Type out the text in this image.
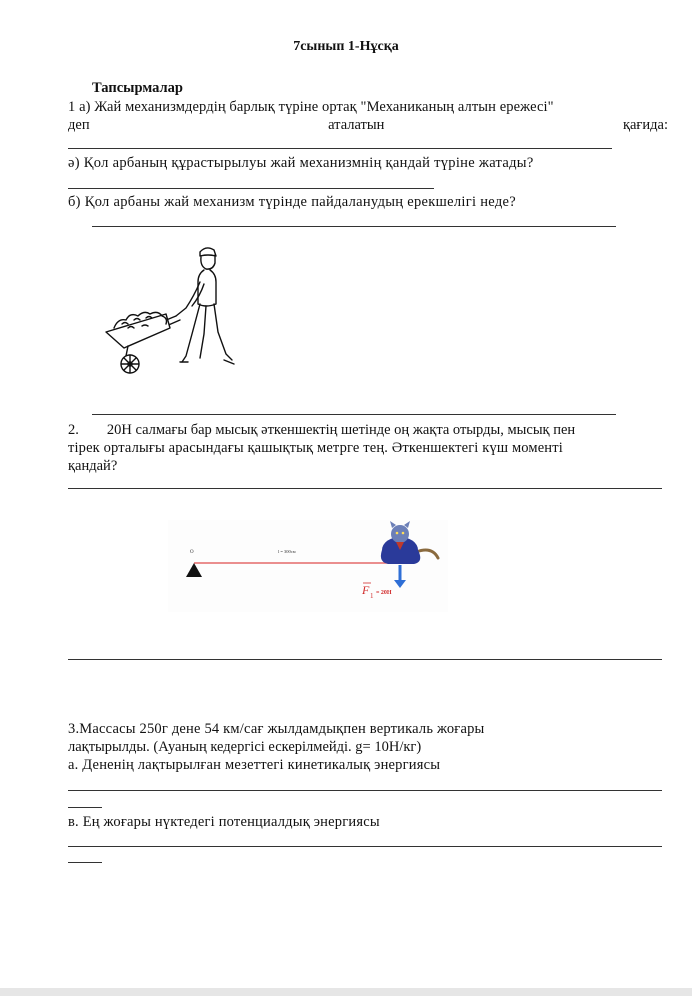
7сынып 1-Нұсқа
Тапсырмалар
1 а) Жай механизмдердің барлық түріне ортақ "Механиканың алтын ережесі"
деп	аталатын	қағида:
ә) Қол арбаның құрастырылуы жай механизмнің қандай түріне жатады?
б) Қол арбаны жай механизм түрінде пайдаланудың ерекшелігі неде?
2. 20Н салмағы бар мысық әткеншектің шетінде оң жақта отырды, мысық пен
тірек орталығы арасындағы қашықтық метрге тең. Әткеншектегі күш моменті
қандай?
О	l = 300см
F 1 = 20Н
3.Массасы 250г дене 54 км/сағ жылдамдықпен вертикаль жоғары
лақтырылды. (Ауаның кедергісі ескерілмейді. g= 10Н/кг)
а. Дененің лақтырылған мезеттегі кинетикалық энергиясы
в. Ең жоғары нүктедегі потенциалдық энергиясы
